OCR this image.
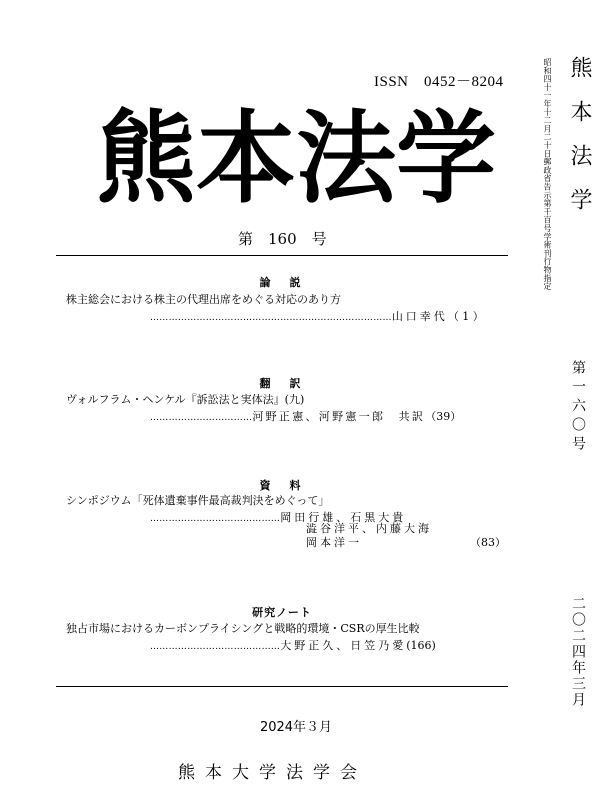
ISSN　0452－8204
熊本法学
第　160　号
論　説
株主総会における株主の代理出席をめぐる対応のあり方
……………………………………………………………………山口幸代（ 1 ）
翻　訳
ヴォルフラム・ヘンケル『訴訟法と実体法』(九)
……………………………河野正憲、河野憲一郎　共訳（39）
資　料
シンポジウム「死体遺棄事件最高裁判決をめぐって」
……………………………………岡田行雄、石黒大貴
澁谷洋平、内藤大海
岡本洋一	（83）
研究ノート
独占市場におけるカーボンプライシングと戦略的環境・CSRの厚生比較
……………………………………大野正久、日笠乃愛(166)
2024年３月
熊本大学法学会
昭和四十一年十二月二十日郵政省告示第千百号学術刊行物指定 熊本法学
第一六〇号
二〇二四年三月
